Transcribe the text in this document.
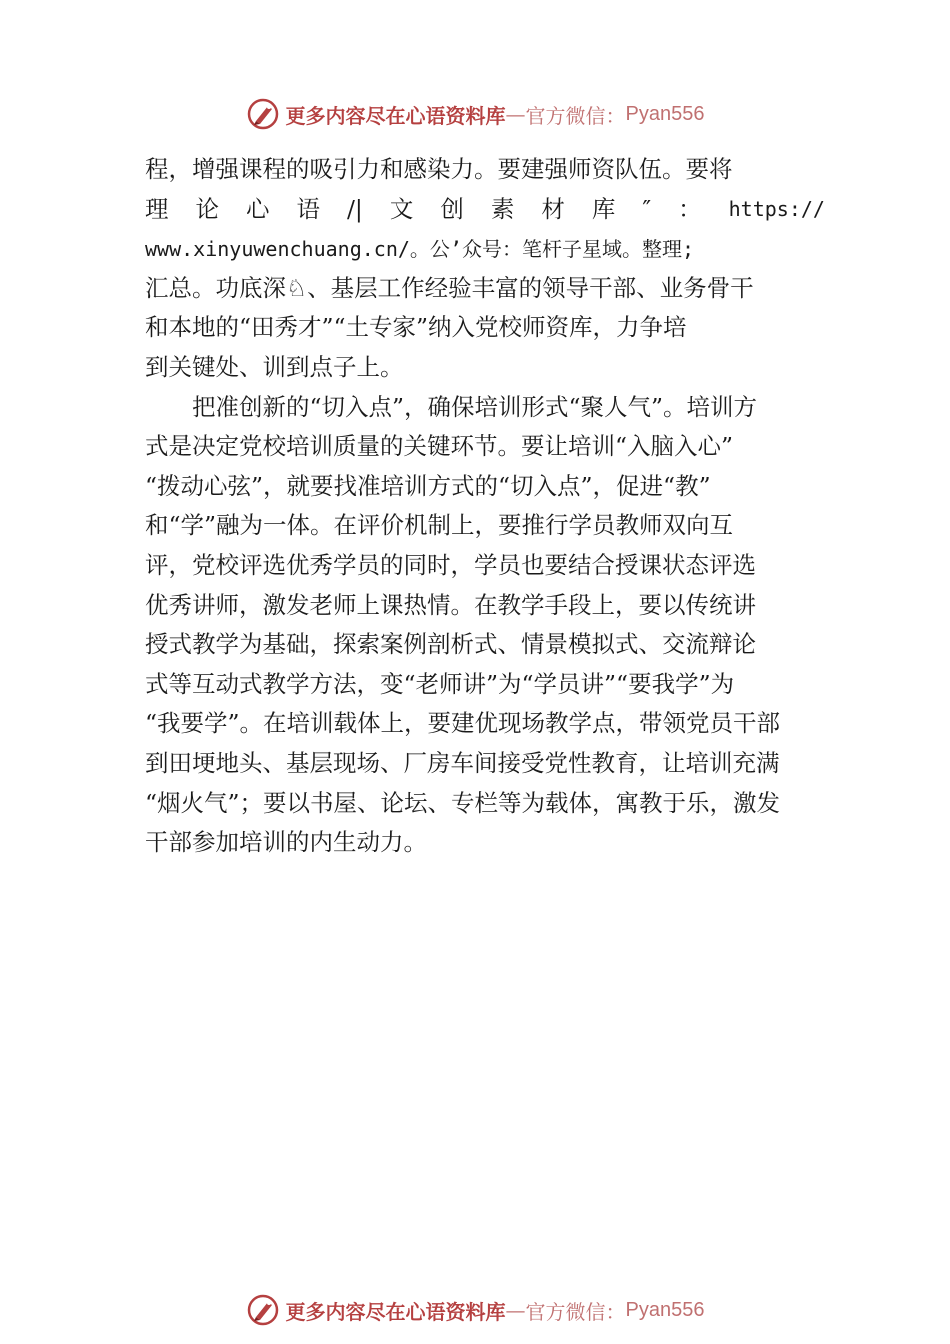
更多内容尽在心语资料库 — 官方微信： Pyan556
程，增强课程的吸引力和感染力。要建强师资队伍。要将
理 论 心 语 /| 文 创 素 材 库 ″ ： https://
www.xinyuwenchuang.cn/。公’众号：笔杆子星域。整理;
汇总。功底深♘、基层工作经验丰富的领导干部、业务骨干
和本地的“田秀才”“土专家”纳入党校师资库，力争培
到关键处、训到点子上。
把准创新的“切入点”，确保培训形式“聚人气”。培训方
式是决定党校培训质量的关键环节。要让培训“入脑入心”
“拨动心弦”，就要找准培训方式的“切入点”，促进“教”
和“学”融为一体。在评价机制上，要推行学员教师双向互
评，党校评选优秀学员的同时，学员也要结合授课状态评选
优秀讲师，激发老师上课热情。在教学手段上，要以传统讲
授式教学为基础，探索案例剖析式、情景模拟式、交流辩论
式等互动式教学方法，变“老师讲”为“学员讲”“要我学”为
“我要学”。在培训载体上，要建优现场教学点，带领党员干部
到田埂地头、基层现场、厂房车间接受党性教育，让培训充满
“烟火气”；要以书屋、论坛、专栏等为载体，寓教于乐，激发
干部参加培训的内生动力。
更多内容尽在心语资料库 — 官方微信： Pyan556
